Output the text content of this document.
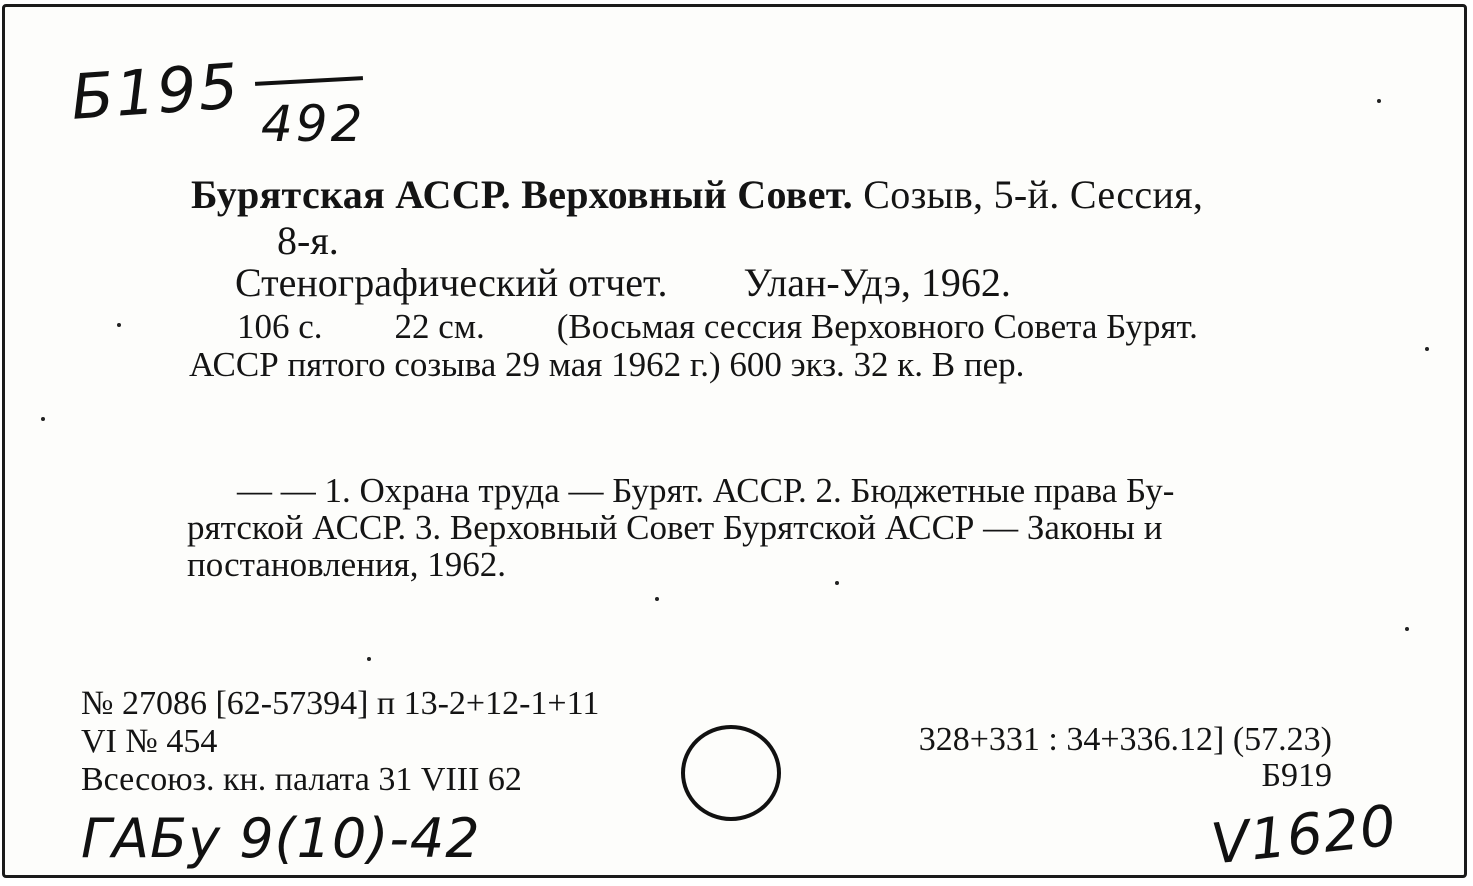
Б195 492
Бурятская АССР. Верховный Совет. Созыв, 5-й. Сессия,
8-я.
Стенографический отчет. Улан-Удэ, 1962.
106 с. 22 см. (Восьмая сессия Верховного Совета Бурят.
АССР пятого созыва 29 мая 1962 г.) 600 экз. 32 к. В пер.
— — 1. Охрана труда — Бурят. АССР. 2. Бюджетные права Бу-
рятской АССР. 3. Верховный Совет Бурятской АССР — Законы и
постановления, 1962.
№ 27086 [62-57394] п 13-2+12-1+11
VI № 454
Всесоюз. кн. палата 31 VIII 62
328+331 : 34+336.12] (57.23)
Б919
ГАБу 9(10)-42	V1620
